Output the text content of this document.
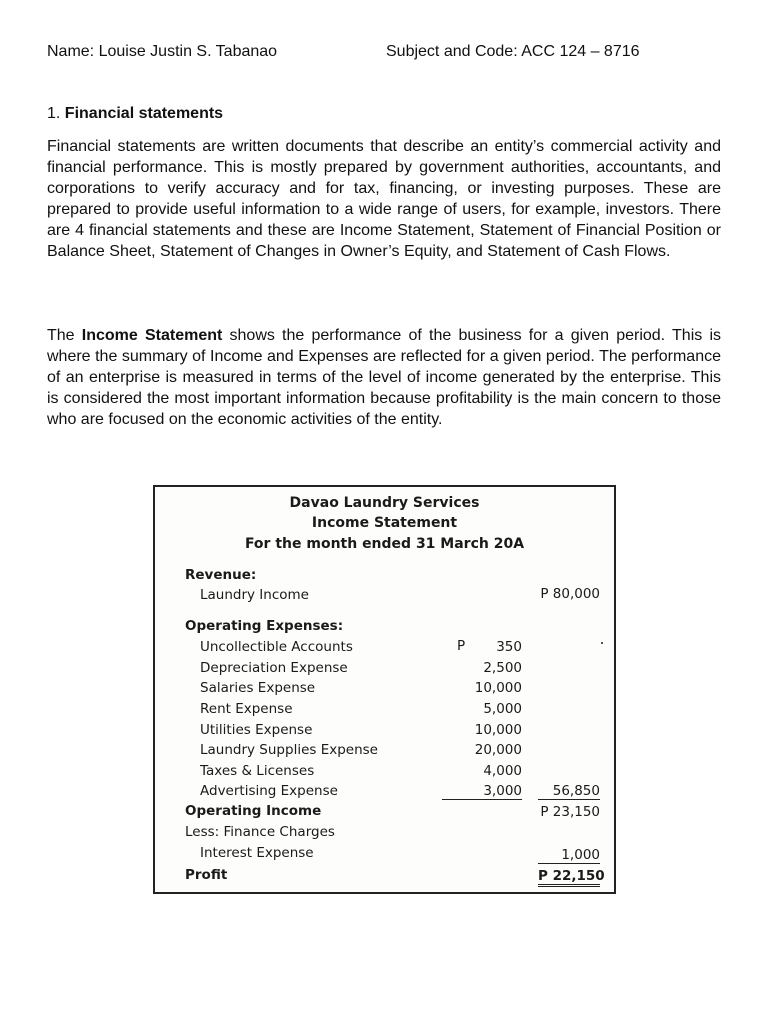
Name: Louise Justin S. Tabanao	Subject and Code: ACC 124 – 8716
1. Financial statements
Financial statements are written documents that describe an entity’s commercial activity and financial performance. This is mostly prepared by government authorities, accountants, and corporations to verify accuracy and for tax, financing, or investing purposes. These are prepared to provide useful information to a wide range of users, for example, investors. There are 4 financial statements and these are Income Statement, Statement of Financial Position or Balance Sheet, Statement of Changes in Owner’s Equity, and Statement of Cash Flows.
The Income Statement shows the performance of the business for a given period. This is where the summary of Income and Expenses are reflected for a given period. The performance of an enterprise is measured in terms of the level of income generated by the enterprise. This is considered the most important information because profitability is the main concern to those who are focused on the economic activities of the entity.
Davao Laundry Services
Income Statement
For the month ended 31 March 20A
Revenue:
Laundry Income	P 80,000
Operating Expenses:
P
Uncollectible Accounts	350
Depreciation Expense	2,500
Salaries Expense	10,000
Rent Expense	5,000
Utilities Expense	10,000
Laundry Supplies Expense	20,000
Taxes & Licenses	4,000
Advertising Expense	3,000	56,850
Operating Income	P 23,150
Less: Finance Charges
Interest Expense	1,000
Profit	P 22,150
